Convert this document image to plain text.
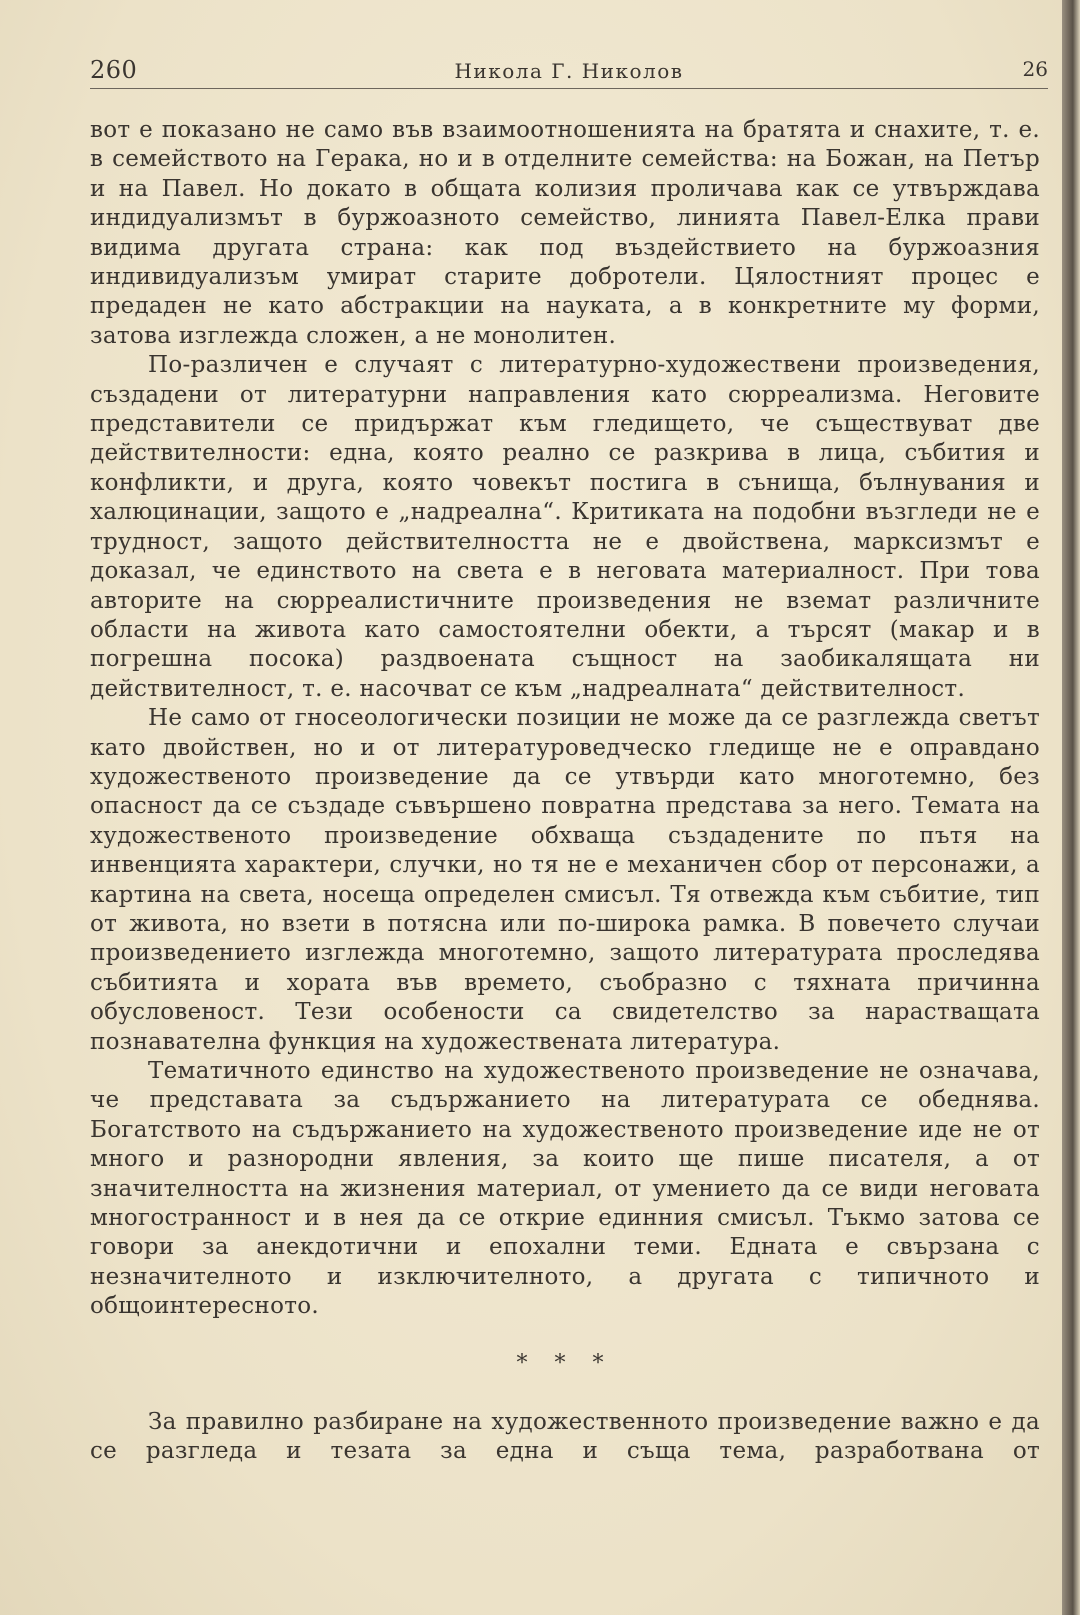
260	Никола Г. Николов	26

вот е показано не само във взаимоотношенията на братята и снахите, т. е. в семейството на Герака, но и в отделните семейства: на Божан, на Петър и на Павел. Но докато в общата колизия проличава как се утвърждава индидуализмът в буржоазното семейство, линията Павел-Елка прави видима другата страна: как под въздействието на буржоазния индивидуализъм умират старите добротели. Цялостният процес е предаден не като абстракции на науката, а в конкретните му форми, затова изглежда сложен, а не монолитен.

По-различен е случаят с литературно-художествени произведения, създадени от литературни направления като сюрреализма. Неговите представители се придържат към гледището, че съществуват две действителности: една, която реално се разкрива в лица, събития и конфликти, и друга, която човекът постига в сънища, бълнувания и халюцинации, защото е „надреална“. Критиката на подобни възгледи не е трудност, защото действителността не е двойствена, марксизмът е доказал, че единството на света е в неговата материалност. При това авторите на сюрреалистичните произведения не вземат различните области на живота като самостоятелни обекти, а търсят (макар и в погрешна посока) раздвоената същност на заобикалящата ни действителност, т. е. насочват се към „надреалната“ действителност.

Не само от гносеологически позиции не може да се разглежда светът като двойствен, но и от литературоведческо гледище не е оправдано художественото произведение да се утвърди като многотемно, без опасност да се създаде съвършено повратна представа за него. Темата на художественото произведение обхваща създадените по пътя на инвенцията характери, случки, но тя не е механичен сбор от персонажи, а картина на света, носеща определен смисъл. Тя отвежда към събитие, тип от живота, но взети в потясна или по-широка рамка. В повечето случаи произведението изглежда многотемно, защото литературата проследява събитията и хората във времето, съобразно с тяхната причинна обусловеност. Тези особености са свидетелство за нарастващата познавателна функция на художествената литература.

Тематичното единство на художественото произведение не означава, че представата за съдържанието на литературата се обеднява. Богатството на съдържанието на художественото произведение иде не от много и разнородни явления, за които ще пише писателя, а от значителността на жизнения материал, от умението да се види неговата многостранност и в нея да се открие единния смисъл. Тъкмо затова се говори за анекдотични и епохални теми. Едната е свързана с незначителното и изключителното, а другата с типичното и общоинтересното.

* * *

За правилно разбиране на художественното произведение важно е да се разгледа и тезата за една и съща тема, разработвана от
